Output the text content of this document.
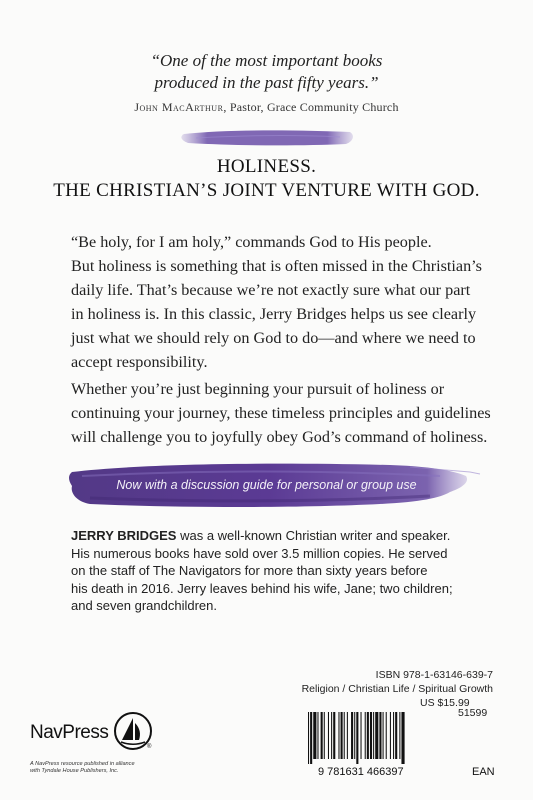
“One of the most important books
produced in the past fifty years.”
John MacArthur, Pastor, Grace Community Church
HOLINESS.
THE CHRISTIAN’S JOINT VENTURE WITH GOD.

“Be holy, for I am holy,” commands God to His people.

But holiness is something that is often missed in the Christian’s

daily life. That’s because we’re not exactly sure what our part

in holiness is. In this classic, Jerry Bridges helps us see clearly

just what we should rely on God to do—and where we need to

accept responsibility.

Whether you’re just beginning your pursuit of holiness or

continuing your journey, these timeless principles and guidelines

will challenge you to joyfully obey God’s command of holiness.

Now with a discussion guide for personal or group use

JERRY BRIDGES was a well-known Christian writer and speaker.

His numerous books have sold over 3.5 million copies. He served

on the staff of The Navigators for more than sixty years before

his death in 2016. Jerry leaves behind his wife, Jane; two children;

and seven grandchildren.

ISBN 978-1-63146-639-7
Religion / Christian Life / Spiritual Growth
US $15.99
51599
9 781631 466397	EAN
NavPress
®
A NavPress resource published in alliance
with Tyndale House Publishers, Inc.
